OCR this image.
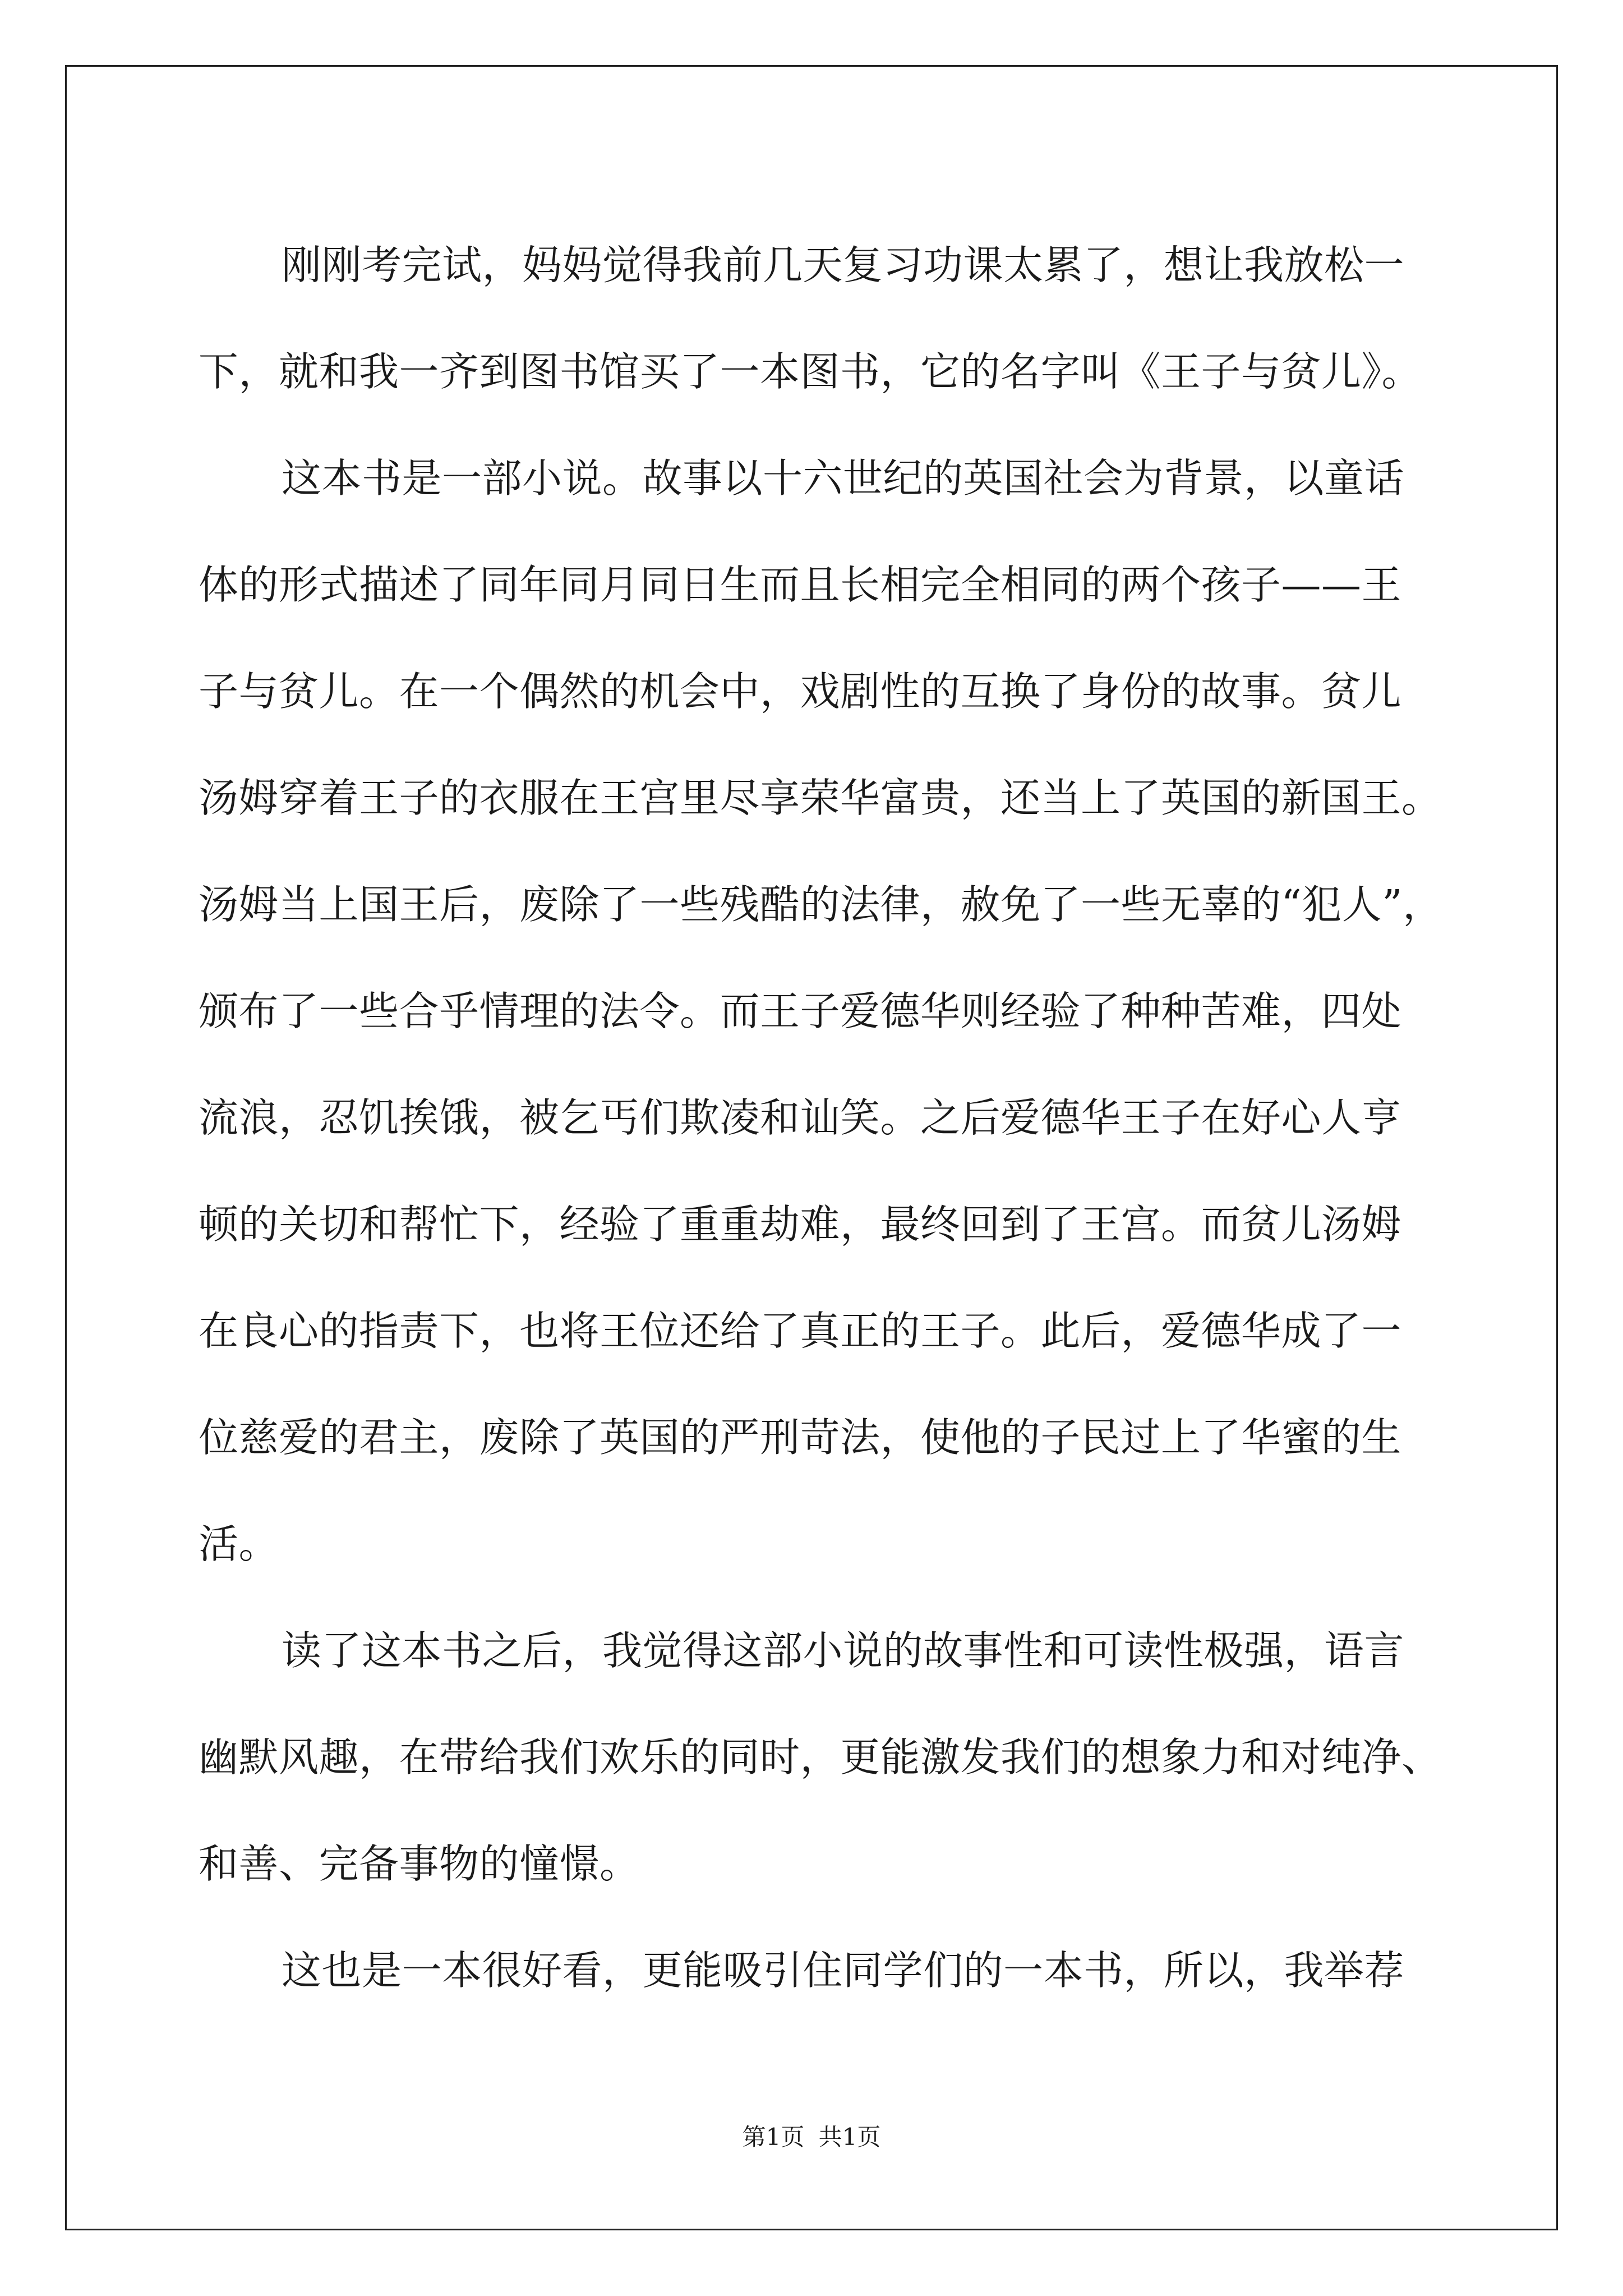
刚刚考完试，妈妈觉得我前几天复习功课太累了，想让我放松一
下，就和我一齐到图书馆买了一本图书，它的名字叫《王子与贫儿》。
这本书是一部小说。故事以十六世纪的英国社会为背景，以童话
体的形式描述了同年同月同日生而且长相完全相同的两个孩子——王
子与贫儿。在一个偶然的机会中，戏剧性的互换了身份的故事。贫儿
汤姆穿着王子的衣服在王宫里尽享荣华富贵，还当上了英国的新国王。
汤姆当上国王后，废除了一些残酷的法律，赦免了一些无辜的“犯人”，
颁布了一些合乎情理的法令。而王子爱德华则经验了种种苦难，四处
流浪，忍饥挨饿，被乞丐们欺凌和讪笑。之后爱德华王子在好心人亨
顿的关切和帮忙下，经验了重重劫难，最终回到了王宫。而贫儿汤姆
在良心的指责下，也将王位还给了真正的王子。此后，爱德华成了一
位慈爱的君主，废除了英国的严刑苛法，使他的子民过上了华蜜的生
活。
读了这本书之后，我觉得这部小说的故事性和可读性极强，语言
幽默风趣，在带给我们欢乐的同时，更能激发我们的想象力和对纯净、
和善、完备事物的憧憬。
这也是一本很好看，更能吸引住同学们的一本书，所以，我举荐
第1页 共1页
